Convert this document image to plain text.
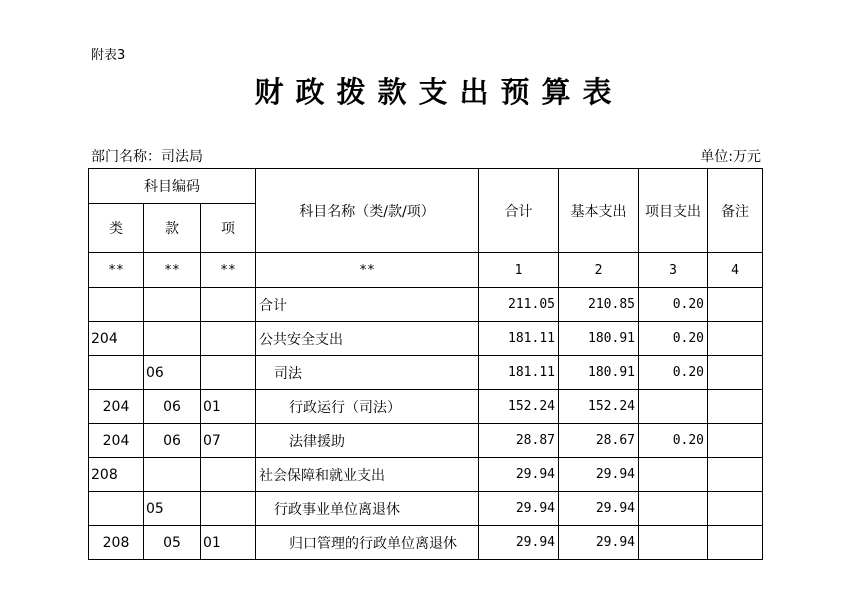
附表3
财政拨款支出预算表
部门名称：司法局	单位:万元
科目编码			科目名称（类/款/项）	合计	基本支出	项目支出	备注
类	款	项					
**	**	**	**	1	2	3	4
			合计	211.05	210.85	0.20	
204			公共安全支出	181.11	180.91	0.20	
	06		司法	181.11	180.91	0.20	
204	06	01	行政运行（司法）	152.24	152.24		
204	06	07	法律援助	28.87	28.67	0.20	
208			社会保障和就业支出	29.94	29.94		
	05		行政事业单位离退休	29.94	29.94		
208	05	01	归口管理的行政单位离退休	29.94	29.94		
